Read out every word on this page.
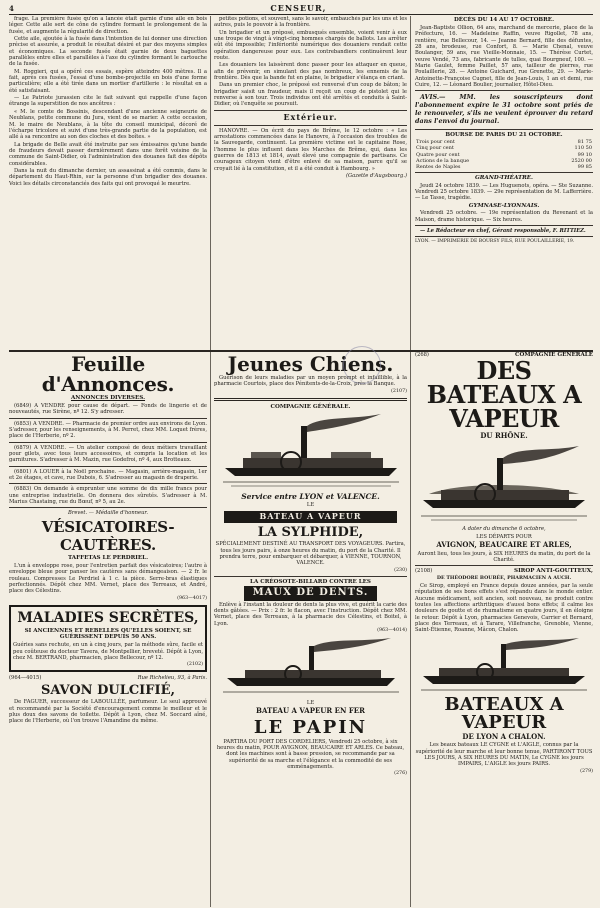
4	CENSEUR,

frage. La première fusée qu'on a lancée était garnie d'une aile en bois léger. Cette aile sert de cône de cylindre formant le prolongement de la fusée, et augmente la régularité de direction.

Cette aile, ajoutée à la fusée dans l'intention de lui donner une direction précise et assurée, a produit le résultat désiré et par des moyens simples et économiques. La seconde fusée était garnie de deux baguettes parallèles entre elles et parallèles à l'axe du cylindre formant le cartouche de la fusée.

M. Roggieri, qui a opéré ces essais, espère atteindre 400 mètres. Il a fait, après ces fusées, l'essai d'une bombe-projectile en bois d'une forme particulière; elle a été tirée dans un mortier d'artillerie : le résultat en a été satisfaisant.

— Le Patriote jurassien cite le fait suivant qui rappelle d'une façon étrange la superstition de nos ancêtres :

« M. le comte de Bossinis, descendant d'une ancienne seigneurie de Neublans, petite commune du Jura, vient de se marier. A cette occasion, M. le maire de Neublans, à la tête du conseil municipal, décoré de l'écharpe tricolore et suivi d'une très-grande partie de la population, est allé à sa rencontre au son des cloches et des boîtes. »

La brigade de Belle avait été instruite par ses émissaires qu'une bande de fraudeurs devait passer dernièrement dans une forêt voisine de la commune de Saint-Didier, où l'administration des douanes fait des dépôts considérables.

Dans la nuit du dimanche dernier, un assassinat a été commis, dans le département du Haut-Rhin, sur la personne d'un brigadier des douanes. Voici les détails circonstanciés des faits qui ont provoqué le meurtre.

petites potions, et souvent, sans le savoir, embauchés par les uns et les autres, puis le pouvoir à la frontière.

Un brigadier et un préposé, embusqués ensemble, voient venir à eux une troupe de vingt à vingt-cinq hommes chargés de ballots. Les arrêter eût été impossible; l'infériorité numérique des douaniers rendait cette opération dangereuse pour eux. Les contrebandiers continuèrent leur route.

Les douaniers les laissèrent donc passer pour les attaquer en queue, afin de prévenir, en simulant des pas nombreux, les ennemis de la frontière. Dès que la bande fut en plaine, le brigadier s'élança en criant.

Dans un premier choc, le préposé est renversé d'un coup de bâton; le brigadier saisit un fraudeur, mais il reçoit un coup de pistolet qui le renverse à son tour. Trois individus ont été arrêtés et conduits à Saint-Didier, où l'enquête se poursuit.

Extérieur.

HANOVRE. — On écrit du pays de Brême, le 12 octobre : « Les arrestations commencées dans le Hanovre, à l'occasion des troubles de la Sauvegarde, continuent. La première victime est le capitaine Rose, l'homme le plus influent dans les Marches de Brême, qui, dans les guerres de 1813 et 1814, avait élevé une compagnie de partisans. Ce courageux citoyen vient d'être enlevé de sa maison, parce qu'il se croyait lié à la constitution, et il a été conduit à Hambourg. »

(Gazette d'Augsbourg.)

DÉCÈS DU 14 AU 17 OCTOBRE.

Jean-Baptiste Ollion, 64 ans, marchand de mercerie, place de la Préfecture, 16. — Madeleine Raffin, veuve Rigollet, 78 ans, rentière, rue Bellecour, 14. — Jeanne Bernard, fille des défuntes, 28 ans, brodeuse, rue Confort, 8. — Marie Chenal, veuve Boulanger, 59 ans, rue Vieille-Monnaie, 15. — Thérèse Curtet, veuve Vendé, 73 ans, fabricante de tulles, quai Bourgneuf, 100. — Marie Gaulet, femme Paillet, 57 ans, tailleur de pierres, rue Poulaillerie, 28. — Antoine Guichard, rue Grenette, 29. — Marie-Antoinette-Françoise Cugnet, fille de Jean-Louis, 1 an et demi, rue Cuire, 12. — Léonard Boulier, journalier, Hôtel-Dieu.

AVIS.— MM. les souscripteurs dont l'abonnement expire le 31 octobre sont priés de le renouveler, s'ils ne veulent éprouver du retard dans l'envoi du journal.

BOURSE DE PARIS DU 21 OCTOBRE.
Trois pour cent	81 75
Cinq pour cent	110 50
Quatre pour cent	99 10
Actions de la banque	2520 00
Rentes de Naples	99 85
GRAND-THÉATRE.

Jeudi 24 octobre 1839. — Les Huguenots, opéra. — Ste Suzanne. Vendredi 25 octobre 1839. — 29e représentation de M. Lafferrière. — Le Tasse, tragédie.

GYMNASE-LYONNAIS.

Vendredi 25 octobre. — 19e représentation du Revenant et la Maison, drame historique. — Six heures.

— Le Rédacteur en chef, Gérant responsable, F. RITTIEZ.

LYON. — IMPRIMERIE DE BOURSY FILS, RUE POULAILLERIE, 19.

Feuille d'Annonces.
ANNONCES DIVERSES.

(6849) A VENDRE pour cause de départ. — Fonds de lingerie et de nouveautés, rue Sirène, nº 12. S'y adresser.

(6853) A VENDRE. — Pharmacie de premier ordre aux environs de Lyon. S'adresser, pour les renseignements, à M. Perret, chez MM. Loquet frères, place de l'Herberie, nº 2.

(6879) A VENDRE. — Un atelier composé de deux métiers travaillant pour gilets, avec tous leurs accessoires, et compris la location et les garnitures. S'adresser à M. Mazin, rue Godefroi, nº 4, aux Brotteaux.

(6801) A LOUER à la Noël prochaine. — Magasin, arrière-magasin, 1er et 2e étages, et cave, rue Dubois, 6. S'adresser au magasin de draperie.

(6883) On demande à emprunter une somme de dix mille francs pour une entreprise industrielle. On donnera des sûretés. S'adresser à M. Marius Chastaing, rue du Bœuf, nº 5, au 2e.

Brevet. — Médaille d'honneur.
VÉSICATOIRES-CAUTÈRES.
TAFFETAS LE PERDRIEL.

L'un à enveloppe rose, pour l'entretien parfait des vésicatoires; l'autre à enveloppe bleue pour panser les cautères sans démangeaison. — 2 fr. le rouleau. Compresses Le Perdriel à 1 c. la pièce. Serre-bras élastiques perfectionnés. Dépôt chez MM. Vernet, place des Terreaux, et André, place des Célestins.

(963—4017)
MALADIES SECRÈTES,
SI ANCIENNES ET REBELLES QU'ELLES SOIENT, SE GUÉRISSENT DEPUIS 50 ANS.

Guéries sans rechute, en un à cinq jours, par la méthode sûre, facile et peu coûteuse du docteur Tavera, de Montpellier, breveté. Dépôt à Lyon, chez M. BERTRAND, pharmacien, place Bellecour, nº 12.

(2102)
(964—4015)	Rue Richelieu, 93, à Paris.
SAVON DULCIFIÉ,

De FAGUER, successeur de LABOULLÉE, parfumeur. Le seul approuvé et recommandé par la Société d'encouragement comme le meilleur et le plus doux des savons de toilette. Dépôt à Lyon, chez M. Soccard aîné, place de l'Herberie, où l'on trouve l'Amandine du même.

Jeunes Chiens.

Guérison de leurs maladies par un moyen prompt et infaillible, à la pharmacie Courtois, place des Pénitents-de-la-Croix, près la Banque.

(2107)
COMPAGNIE GÉNÉRALE.
Service entre LYON et VALENCE.
LE
BATEAU A VAPEUR
LA SYLPHIDE,

SPÉCIALEMENT DESTINÉ AU TRANSPORT DES VOYAGEURS. Partira, tous les jours pairs, à onze heures du matin, du port de la Charité. Il prendra terre, pour embarquer et débarquer, à VIENNE, TOURNON, VALENCE.

(230)
LA CRÉOSOTE-BILLARD CONTRE LES
MAUX DE DENTS.

Enlève à l'instant la douleur de dents la plus vive, et guérit la carie des dents gâtées. — Prix : 2 fr. le flacon, avec l'instruction. Dépôt chez MM. Vernet, place des Terreaux, à la pharmacie des Célestins, et Boitel, à Lyon.

(963—4014)
LE
BATEAU A VAPEUR EN FER
LE PAPIN

PARTIRA DU PORT DES CORDELIERS, Vendredi 25 octobre, à six heures du matin, POUR AVIGNON, BEAUCAIRE ET ARLES. Ce bateau, dont les machines sont à basse pression, se recommande par sa supériorité de sa marche et l'élégance et la commodité de ses emménagements.

(276)
(268)	COMPAGNIE GÉNÉRALE
DES BATEAUX A VAPEUR
DU RHÔNE.

A dater du dimanche 6 octobre,

LES DÉPARTS POUR

AVIGNON, BEAUCAIRE ET ARLES,

Auront lieu, tous les jours, à SIX HEURES du matin, du port de la Charité.

(2108)	SIROP ANTI-GOUTTEUX,
DE THÉODORE BOUBÉE, PHARMACIEN A AUCH.

Ce Sirop, employé en France depuis douze années, par la seule réputation de ses bons effets s'est répandu dans le monde entier. Aucune médicament, soit ancien, soit nouveau, ne produit contre toutes les affections arthritiques d'aussi bons effets; il calme les douleurs de goutte et de rhumatisme en quatre jours, il en éloigne le retour. Dépôt à Lyon, pharmacies Genevois, Carrier et Bernard, place des Terreaux, et à Tarare, Villefranche, Grenoble, Vienne, Saint-Étienne, Roanne, Mâcon, Chalon.

BATEAUX A VAPEUR
DE LYON A CHALON.

Les beaux bateaux LE CYGNE et L'AIGLE, connus par la supériorité de leur marche et leur bonne tenue, PARTIRONT TOUS LES JOURS, A SIX HEURES DU MATIN, Le CYGNE les jours IMPAIRS, L'AIGLE les jours PAIRS.

(279)
